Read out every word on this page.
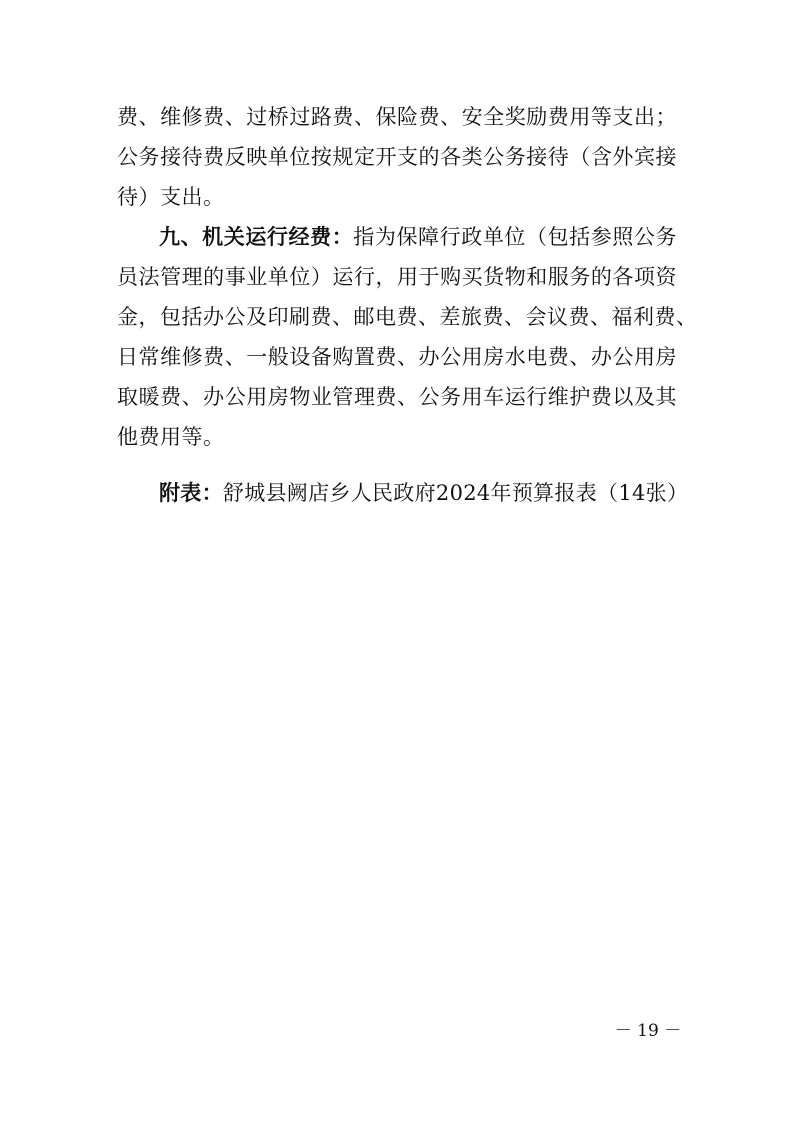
费、维修费、过桥过路费、保险费、安全奖励费用等支出；
公务接待费反映单位按规定开支的各类公务接待（含外宾接
待）支出。
九、机关运行经费：指为保障行政单位（包括参照公务
员法管理的事业单位）运行，用于购买货物和服务的各项资
金，包括办公及印刷费、邮电费、差旅费、会议费、福利费、
日常维修费、一般设备购置费、办公用房水电费、办公用房
取暖费、办公用房物业管理费、公务用车运行维护费以及其
他费用等。
附表：舒城县阙店乡人民政府2024年预算报表（14张）
－ 19 －
